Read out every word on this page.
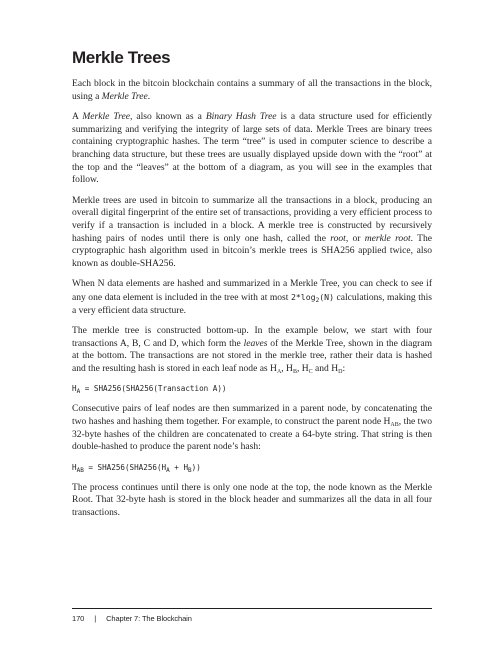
Merkle Trees

Each block in the bitcoin blockchain contains a summary of all the transactions in the block, using a Merkle Tree.

A Merkle Tree, also known as a Binary Hash Tree is a data structure used for efficiently summarizing and verifying the integrity of large sets of data. Merkle Trees are binary trees containing cryptographic hashes. The term “tree” is used in computer science to describe a branching data structure, but these trees are usually displayed upside down with the “root” at the top and the “leaves” at the bottom of a diagram, as you will see in the examples that follow.

Merkle trees are used in bitcoin to summarize all the transactions in a block, producing an overall digital fingerprint of the entire set of transactions, providing a very efficient process to verify if a transaction is included in a block. A merkle tree is constructed by recursively hashing pairs of nodes until there is only one hash, called the root, or merkle root. The cryptographic hash algorithm used in bitcoin’s merkle trees is SHA256 applied twice, also known as double-SHA256.

When N data elements are hashed and summarized in a Merkle Tree, you can check to see if any one data element is included in the tree with at most $2*\log_2(N)$ calculations, making this a very efficient data structure.

The merkle tree is constructed bottom-up. In the example below, we start with four transactions A, B, C and D, which form the leaves of the Merkle Tree, shown in the diagram at the bottom. The transactions are not stored in the merkle tree, rather their data is hashed and the resulting hash is stored in each leaf node as $H_A$, $H_B$, $H_C$ and $H_D$:

$H_A$ = SHA256(SHA256(Transaction A))

Consecutive pairs of leaf nodes are then summarized in a parent node, by concatenating the two hashes and hashing them together. For example, to construct the parent node $H_{AB}$, the two 32-byte hashes of the children are concatenated to create a 64-byte string. That string is then double-hashed to produce the parent node’s hash:

$H_{AB} = SHA256(SHA256(H_A + H_B))$

The process continues until there is only one node at the top, the node known as the Merkle Root. That 32-byte hash is stored in the block header and summarizes all the data in all four transactions.

170 | Chapter 7: The Blockchain
